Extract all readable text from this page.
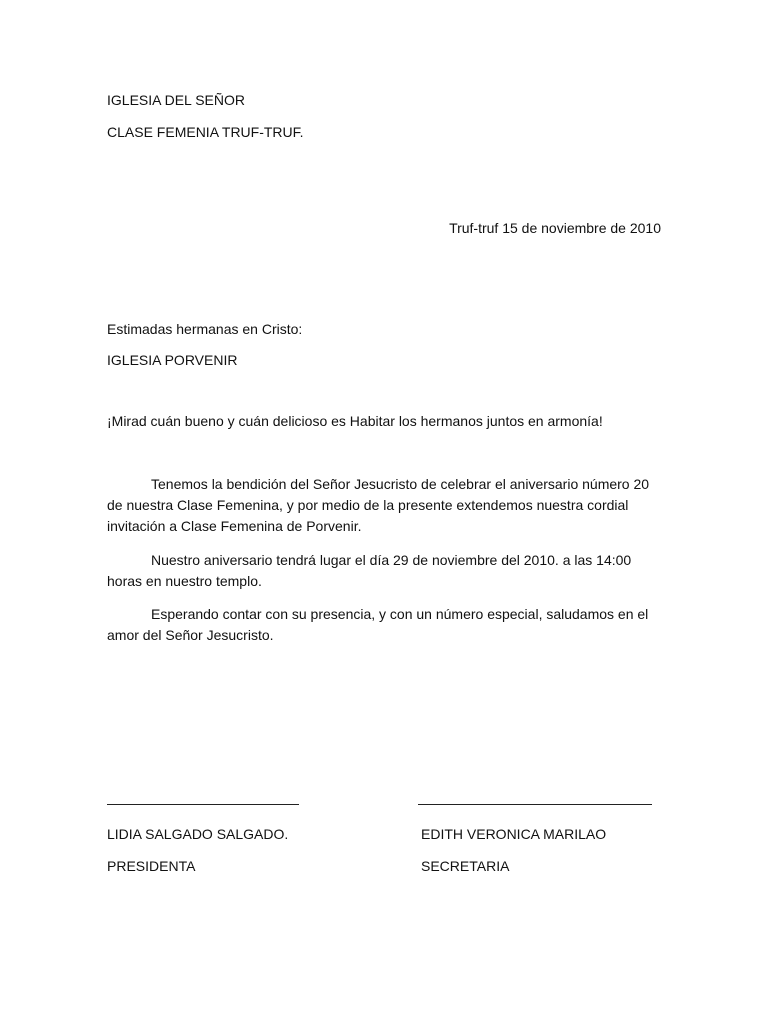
IGLESIA DEL SEÑOR
CLASE FEMENIA TRUF-TRUF.
Truf-truf 15 de noviembre de 2010
Estimadas hermanas en Cristo:
IGLESIA PORVENIR
¡Mirad cuán bueno y cuán delicioso es Habitar los hermanos juntos en armonía!
Tenemos la bendición del Señor Jesucristo de celebrar el aniversario número 20 de nuestra Clase Femenina, y por medio de la presente extendemos nuestra cordial invitación a Clase Femenina de Porvenir.
Nuestro aniversario tendrá lugar el día 29 de noviembre del 2010. a las 14:00 horas en nuestro templo.
Esperando contar con su presencia, y con un número especial, saludamos en el amor del Señor Jesucristo.
LIDIA SALGADO SALGADO.
PRESIDENTA
EDITH VERONICA MARILAO
SECRETARIA
